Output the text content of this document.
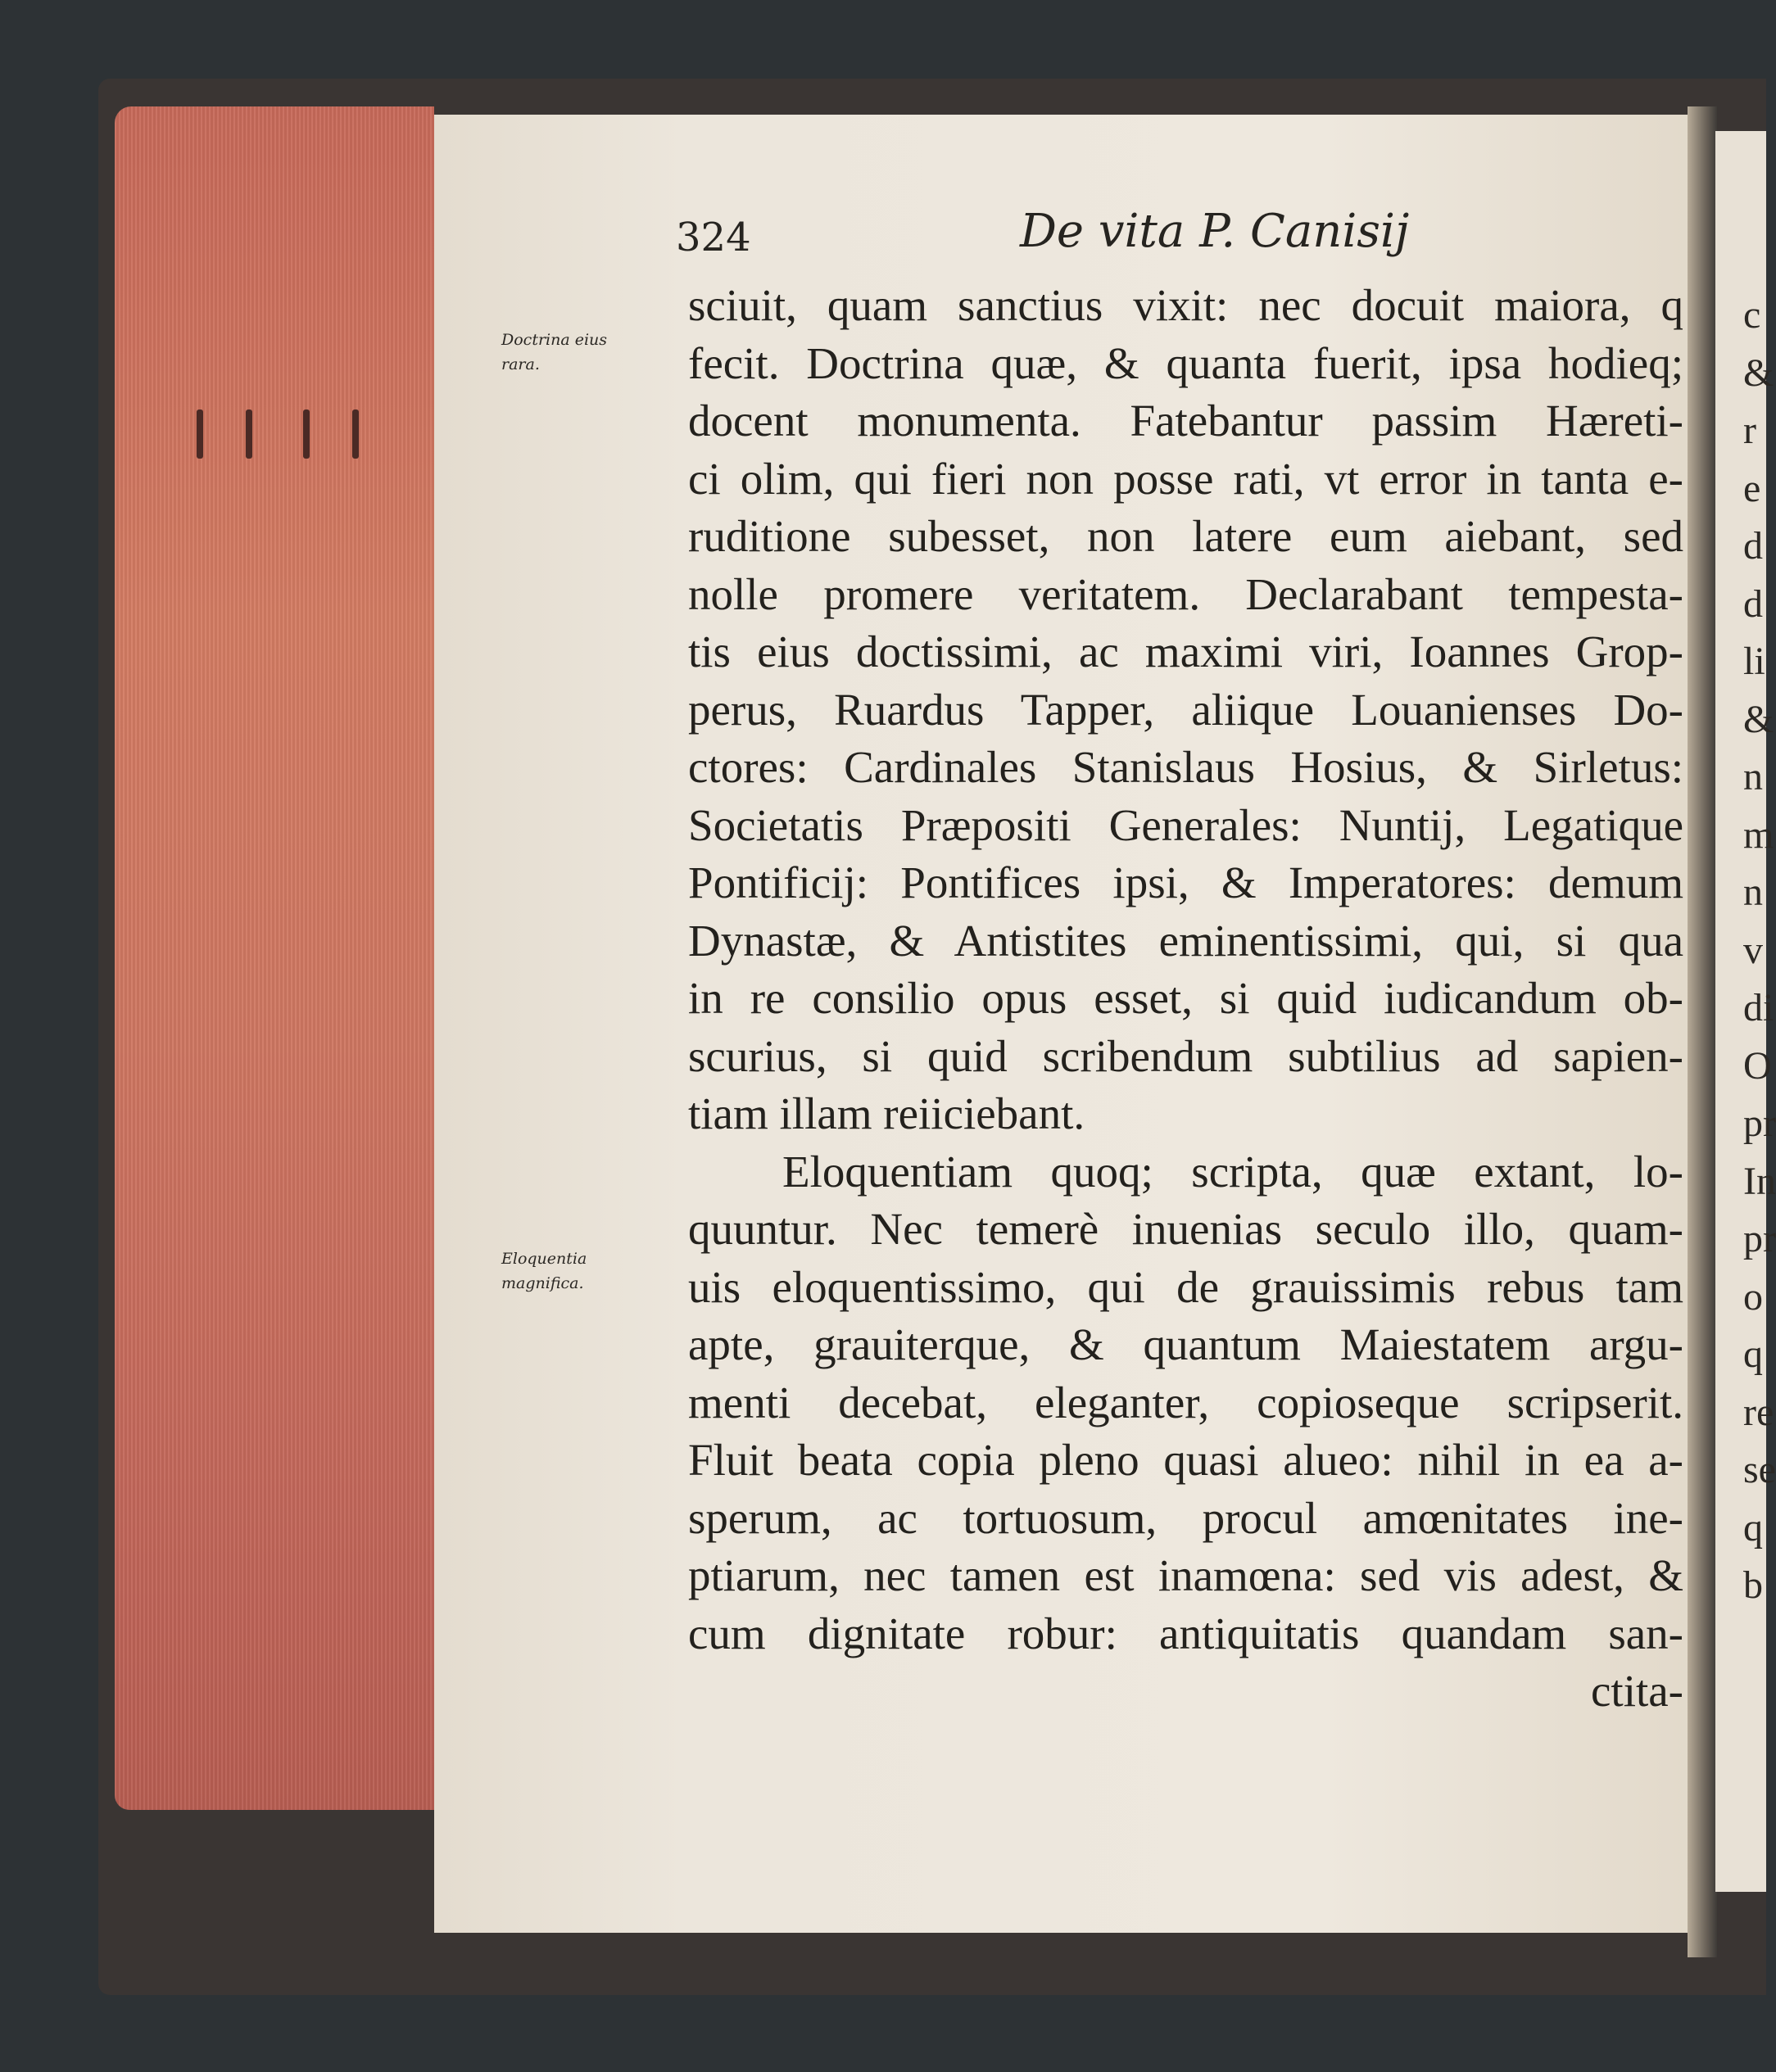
324	De vita P. Canisij
Doctrina eius
rara.
Eloquentia
magnifica.
sciuit, quam sanctius vixit: nec docuit maiora, q
fecit. Doctrina quæ, & quanta fuerit, ipsa hodieq;
docent monumenta. Fatebantur passim Hæreti-
ci olim, qui fieri non posse rati, vt error in tanta e-
ruditione subesset, non latere eum aiebant, sed
nolle promere veritatem. Declarabant tempesta-
tis eius doctissimi, ac maximi viri, Ioannes Grop-
perus, Ruardus Tapper, aliique Louanienses Do-
ctores: Cardinales Stanislaus Hosius, & Sirletus:
Societatis Præpositi Generales: Nuntij, Legatique
Pontificij: Pontifices ipsi, & Imperatores: demum
Dynastæ, & Antistites eminentissimi, qui, si qua
in re consilio opus esset, si quid iudicandum ob-
scurius, si quid scribendum subtilius ad sapien-
tiam illam reiiciebant.
Eloquentiam quoq; scripta, quæ extant, lo-
quuntur. Nec temerè inuenias seculo illo, quam-
uis eloquentissimo, qui de grauissimis rebus tam
apte, grauiterque, & quantum Maiestatem argu-
menti decebat, eleganter, copioseque scripserit.
Fluit beata copia pleno quasi alueo: nihil in ea a-
sperum, ac tortuosum, procul amœnitates ine-
ptiarum, nec tamen est inamœna: sed vis adest, &
cum dignitate robur: antiquitatis quandam san-
ctita-
c
&
r
e
d
d
li
&
n
m
n
v
di
O
pr
In
pr
o
q
re
se
q
b
